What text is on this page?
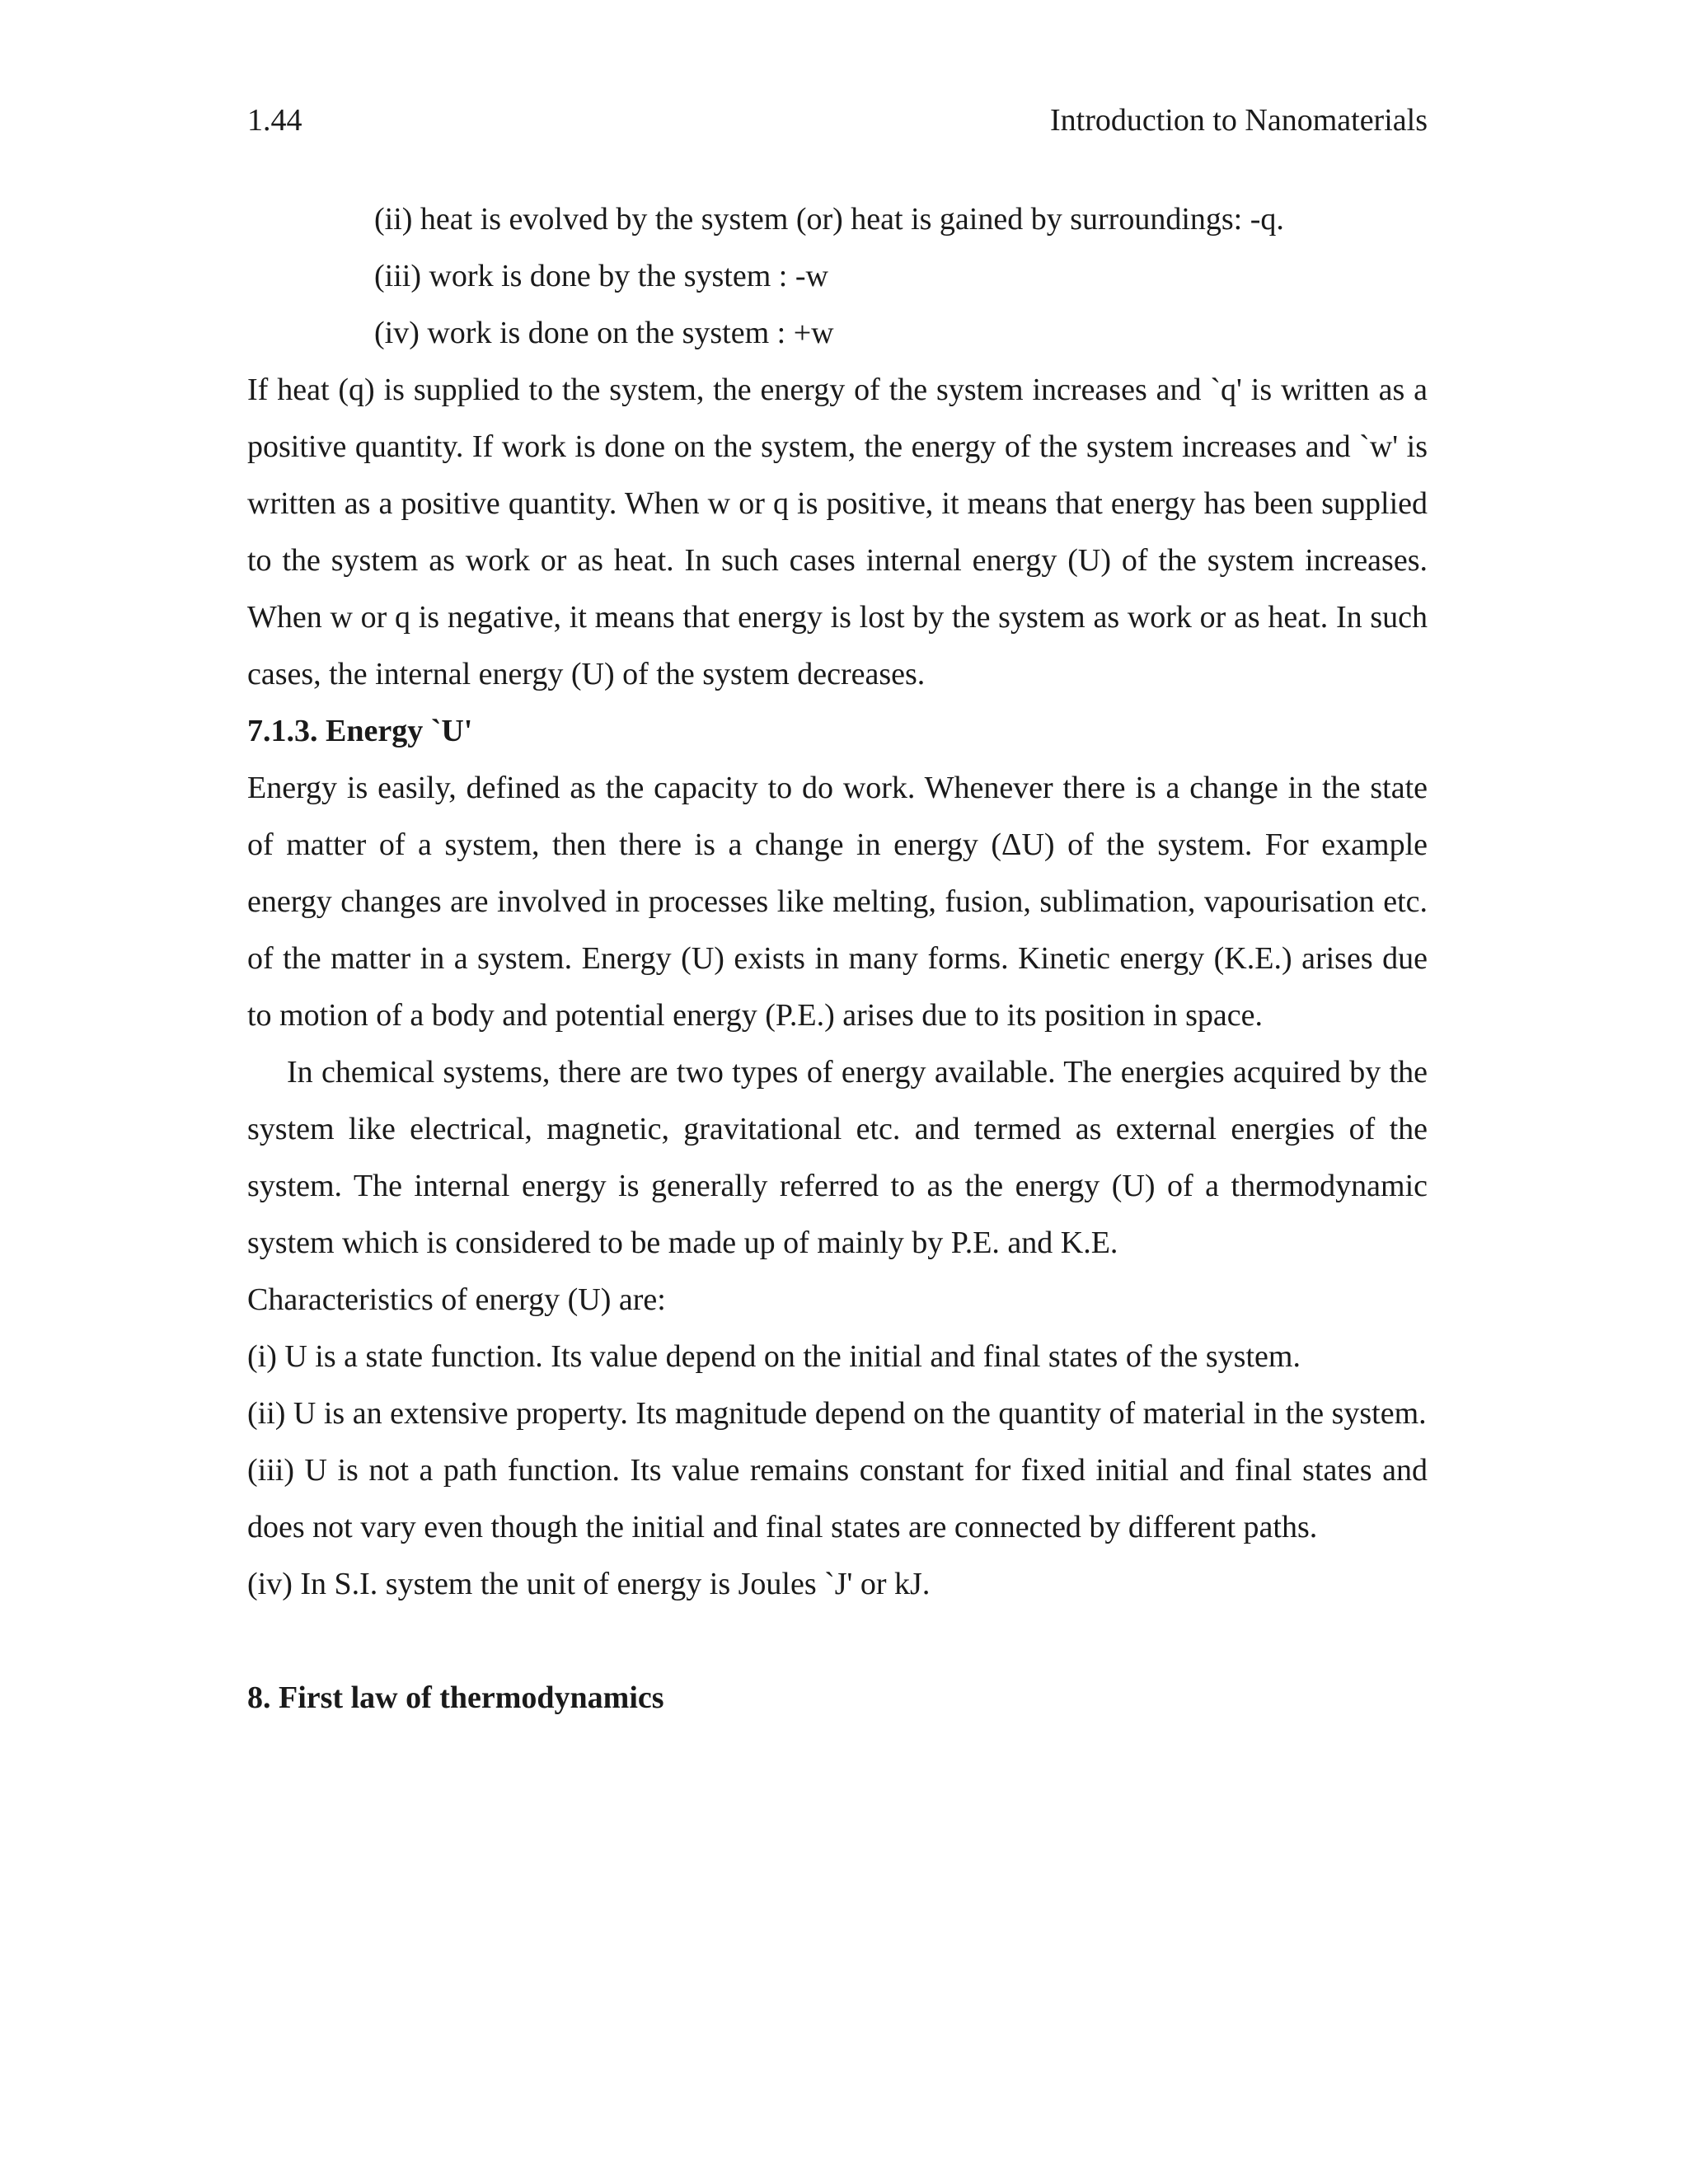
1.44	Introduction to Nanomaterials

(ii) heat is evolved by the system (or) heat is gained by surroundings: -q.

(iii) work is done by the system : -w

(iv) work is done on the system : +w

If heat (q) is supplied to the system, the energy of the system increases and `q' is written as a positive quantity. If work is done on the system, the energy of the system increases and `w' is written as a positive quantity. When w or q is positive, it means that energy has been supplied to the system as work or as heat. In such cases internal energy (U) of the system increases. When w or q is negative, it means that energy is lost by the system as work or as heat. In such cases, the internal energy (U) of the system decreases.

7.1.3. Energy `U'

Energy is easily, defined as the capacity to do work. Whenever there is a change in the state of matter of a system, then there is a change in energy (ΔU) of the system. For example energy changes are involved in processes like melting, fusion, sublimation, vapourisation etc. of the matter in a system. Energy (U) exists in many forms. Kinetic energy (K.E.) arises due to motion of a body and potential energy (P.E.) arises due to its position in space.

In chemical systems, there are two types of energy available. The energies acquired by the system like electrical, magnetic, gravitational etc. and termed as external energies of the system. The internal energy is generally referred to as the energy (U) of a thermodynamic system which is considered to be made up of mainly by P.E. and K.E.

Characteristics of energy (U) are:

(i) U is a state function. Its value depend on the initial and final states of the system.

(ii) U is an extensive property. Its magnitude depend on the quantity of material in the system.

(iii) U is not a path function. Its value remains constant for fixed initial and final states and does not vary even though the initial and final states are connected by different paths.

(iv) In S.I. system the unit of energy is Joules `J' or kJ.

8. First law of thermodynamics
